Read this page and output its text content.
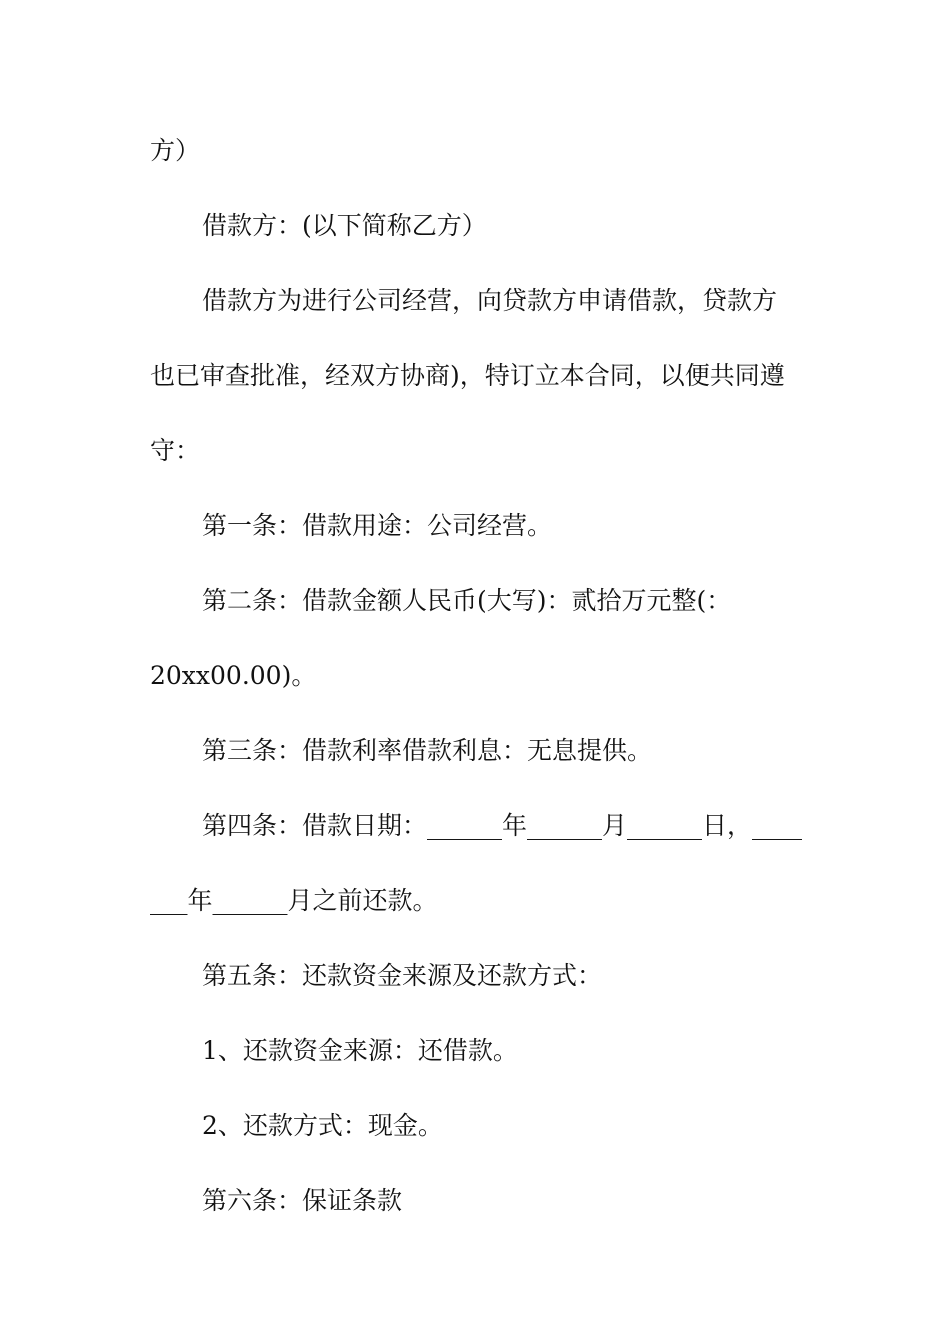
方）
借款方：(以下简称乙方）
借款方为进行公司经营，向贷款方申请借款，贷款方
也已审查批准，经双方协商)，特订立本合同，以便共同遵
守：
第一条：借款用途：公司经营。
第二条：借款金额人民币(大写)：贰拾万元整(：
20xx00.00)。
第三条：借款利率借款利息：无息提供。
第四条：借款日期：______年______月______日，____
___年______月之前还款。
第五条：还款资金来源及还款方式：
1、还款资金来源：还借款。
2、还款方式：现金。
第六条：保证条款
